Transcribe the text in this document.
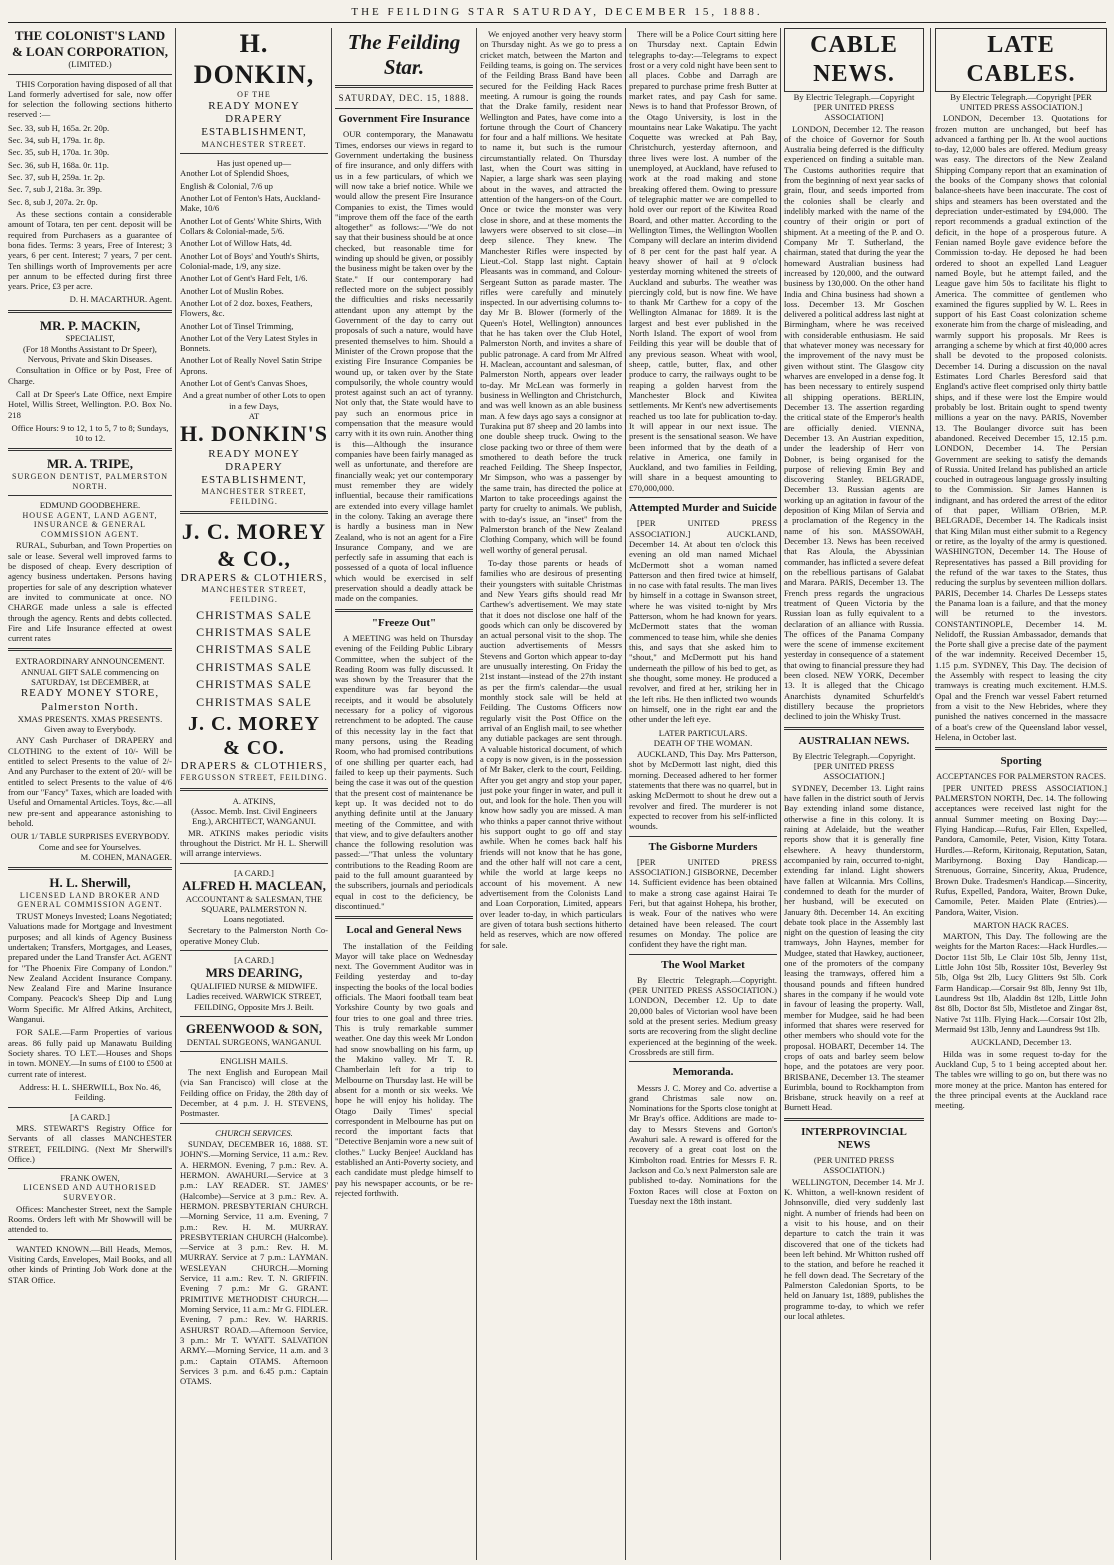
THE FEILDING STAR SATURDAY, DECEMBER 15, 1888.
THE COLONIST'S LAND & LOAN CORPORATION,
(LIMITED.)

THIS Corporation having disposed of all that Land formerly advertised for sale, now offer for selection the following sections hitherto reserved :—

Sec. 33, sub H, 165a. 2r. 20p.
Sec. 34, sub H, 179a. 1r. 8p.
Sec. 35, sub H, 170a. 1r. 30p.
Sec. 36, sub H, 168a. 0r. 11p.
Sec. 37, sub H, 259a. 1r. 2p.
Sec. 7, sub J, 218a. 3r. 39p.
Sec. 8, sub J, 207a. 2r. 0p.

As these sections contain a considerable amount of Totara, ten per cent. deposit will be required from Purchasers as a guarantee of bona fides. Terms: 3 years, Free of Interest; 3 years, 6 per cent. Interest; 7 years, 7 per cent. Ten shillings worth of Improvements per acre per annum to be effected during first three years. Price, £3 per acre.

D. H. MACARTHUR. Agent.
MR. P. MACKIN,
SPECIALIST,
(For 18 Months Assistant to Dr Speer), Nervous, Private and Skin Diseases.

Consultation in Office or by Post, Free of Charge.

Call at Dr Speer's Late Office, next Empire Hotel, Willis Street, Wellington. P.O. Box No. 218

Office Hours: 9 to 12, 1 to 5, 7 to 8; Sundays, 10 to 12.
MR. A. TRIPE,
SURGEON DENTIST, PALMERSTON NORTH.
EDMUND GOODBEHERE.
HOUSE AGENT, LAND AGENT, INSURANCE & GENERAL COMMISSION AGENT.

RURAL, Suburban, and Town Properties on sale or lease. Several well improved farms to be disposed of cheap. Every description of agency business undertaken. Persons having properties for sale of any description whatever are invited to communicate at once. NO CHARGE made unless a sale is effected through the agency. Rents and debts collected. Fire and Life Insurance effected at owest current rates

EXTRAORDINARY ANNOUNCEMENT.
ANNUAL GIFT SALE commencing on SATURDAY, 1st DECEMBER, at
READY MONEY STORE, Palmerston North.
XMAS PRESENTS. XMAS PRESENTS. Given away to Everybody.

ANY Cash Purchaser of DRAPERY and CLOTHING to the extent of 10/- Will be entitled to select Presents to the value of 2/- And any Purchaser to the extent of 20/- will be entitled to select Presents to the value of 4/6 from our "Fancy" Taxes, which are loaded with Useful and Ornamental Articles. Toys, &c.—all new pre-sent and appearance astonishing to behold.

OUR 1/ TABLE SURPRISES EVERYBODY.
Come and see for Yourselves.
M. COHEN, MANAGER.
H. L. Sherwill,
LICENSED LAND BROKER AND GENERAL COMMISSION AGENT.

TRUST Moneys Invested; Loans Negotiated; Valuations made for Mortgage and Investment purposes; and all kinds of Agency Business undertaken; Transfers, Mortgages, and Leases, prepared under the Land Transfer Act. AGENT for "The Phoenix Fire Company of London." New Zealand Accident Insurance Company. New Zealand Fire and Marine Insurance Company. Peacock's Sheep Dip and Lung Worm Specific. Mr Alfred Atkins, Architect, Wanganui.

FOR SALE.—Farm Properties of various areas. 86 fully paid up Manawatu Building Society shares. TO LET.—Houses and Shops in town. MONEY.—In sums of £100 to £500 at current rate of interest.

Address: H. L. SHERWILL, Box No. 46, Feilding.
[A CARD.]

MRS. STEWART'S Registry Office for Servants of all classes MANCHESTER STREET, FEILDING. (Next Mr Sherwill's Office.)

FRANK OWEN,
LICENSED AND AUTHORISED SURVEYOR.

Offices: Manchester Street, next the Sample Rooms. Orders left with Mr Showwill will be attended to.

WANTED KNOWN.—Bill Heads, Memos, Visiting Cards, Envelopes, Mail Books, and all other kinds of Printing Job Work done at the STAR Office.

H. DONKIN,
OF THE
READY MONEY DRAPERY ESTABLISHMENT,
MANCHESTER STREET.
Has just opened up—
Another Lot of Splendid Shoes,
English & Colonial, 7/6 up
Another Lot of Fenton's Hats, Auckland-Make, 10/6
Another Lot of Gents' White Shirts, With Collars & Colonial-made, 5/6.
Another Lot of Willow Hats, 4d.
Another Lot of Boys' and Youth's Shirts, Colonial-made, 1/9, any size.
Another Lot of Gent's Hard Felt, 1/6.
Another Lot of Muslin Robes.
Another Lot of 2 doz. boxes, Feathers, Flowers, &c.
Another Lot of Tinsel Trimming,
Another Lot of the Very Latest Styles in Bonnets.
Another Lot of Really Novel Satin Stripe Aprons.
Another Lot of Gent's Canvas Shoes,
And a great number of other Lots to open in a few Days,
AT
H. DONKIN'S
READY MONEY DRAPERY ESTABLISHMENT,
MANCHESTER STREET, FEILDING.
J. C. MOREY & CO.,
DRAPERS & CLOTHIERS,
MANCHESTER STREET, FEILDING.
CHRISTMAS SALE
CHRISTMAS SALE
CHRISTMAS SALE
CHRISTMAS SALE
CHRISTMAS SALE
CHRISTMAS SALE
J. C. MOREY & CO.
DRAPERS & CLOTHIERS,
FERGUSSON STREET, FEILDING.
A. ATKINS,
(Assoc. Memb. Inst. Civil Engineers Eng.), ARCHITECT, WANGANUI.

MR. ATKINS makes periodic visits throughout the District. Mr H. L. Sherwill will arrange interviews.

[A CARD.]
ALFRED H. MACLEAN,
ACCOUNTANT & SALESMAN, THE SQUARE, PALMERSTON N.
Loans negotiated.

Secretary to the Palmerston North Co-operative Money Club.

[A CARD.]
MRS DEARING,
QUALIFIED NURSE & MIDWIFE. Ladies received. WARWICK STREET, FEILDING, Opposite Mrs J. Beilt.
GREENWOOD & SON,
DENTAL SURGEONS, WANGANUI.
ENGLISH MAILS.

The next English and European Mail (via San Francisco) will close at the Feilding office on Friday, the 28th day of December, at 4 p.m. J. H. STEVENS, Postmaster.

CHURCH SERVICES.

SUNDAY, DECEMBER 16, 1888. ST. JOHN'S.—Morning Service, 11 a.m.: Rev. A. HERMON. Evening, 7 p.m.: Rev. A. HERMON. AWAHURI.—Service at 3 p.m.: LAY READER. ST. JAMES' (Halcombe)—Service at 3 p.m.: Rev. A. HERMON. PRESBYTERIAN CHURCH.—Morning Service, 11 a.m. Evening, 7 p.m.: Rev. H. M. MURRAY. PRESBYTERIAN CHURCH (Halcombe).—Service at 3 p.m.: Rev. H. M. MURRAY. Service at 7 p.m.: LAYMAN. WESLEYAN CHURCH.—Morning Service, 11 a.m.: Rev. T. N. GRIFFIN. Evening 7 p.m.: Mr G. GRANT. PRIMITIVE METHODIST CHURCH.—Morning Service, 11 a.m.: Mr G. FIDLER. Evening, 7 p.m.: Rev. W. HARRIS. ASHURST ROAD.—Afternoon Service, 3 p.m.: Mr T. WYATT. SALVATION ARMY.—Morning Service, 11 a.m. and 3 p.m.: Captain OTAMS. Afternoon Services 3 p.m. and 6.45 p.m.: Captain OTAMS.

The Feilding Star.
SATURDAY, DEC. 15, 1888.
Government Fire Insurance

OUR contemporary, the Manawatu Times, endorses our views in regard to Government undertaking the business of fire insurance, and only differs with us in a few particulars, of which we will now take a brief notice. While we would allow the present Fire Insurance Companies to exist, the Times would "improve them off the face of the earth altogether" as follows:—"We do not say that their business should be at once checked, but reasonable time for winding up should be given, or possibly the business might be taken over by the State." If our contemporary had reflected more on the subject possibly the difficulties and risks necessarily attendant upon any attempt by the Government of the day to carry out proposals of such a nature, would have presented themselves to him. Should a Minister of the Crown propose that the existing Fire Insurance Companies be wound up, or taken over by the State compulsorily, the whole country would protest against such an act of tyranny. Not only that, the State would have to pay such an enormous price in compensation that the measure would carry with it its own ruin. Another thing is this—Although the insurance companies have been fairly managed as well as unfortunate, and therefore are financially weak; yet our contemporary must remember they are widely influential, because their ramifications are extended into every village hamlet in the colony. Taking an average there is hardly a business man in New Zealand, who is not an agent for a Fire Insurance Company, and we are perfectly safe in assuming that each is possessed of a quota of local influence which would be exercised in self preservation should a deadly attack be made on the companies.

"Freeze Out"

A MEETING was held on Thursday evening of the Feilding Public Library Committee, when the subject of the Reading Room was fully discussed. It was shown by the Treasurer that the expenditure was far beyond the receipts, and it would be absolutely necessary for a policy of vigorous retrenchment to be adopted. The cause of this necessity lay in the fact that many persons, using the Reading Room, who had promised contributions of one shilling per quarter each, had failed to keep up their payments. Such being the case it was out of the question that the present cost of maintenance be kept up. It was decided not to do anything definite until at the January meeting of the Committee, and with that view, and to give defaulters another chance the following resolution was passed:—"That unless the voluntary contributions to the Reading Room are paid to the full amount guaranteed by the subscribers, journals and periodicals equal in cost to the deficiency, be discontinued."

Local and General News

The installation of the Feilding Mayor will take place on Wednesday next. The Government Auditor was in Feilding yesterday and to-day inspecting the books of the local bodies officials. The Maori football team beat Yorkshire County by two goals and four tries to one goal and three tries. This is truly remarkable summer weather. One day this week Mr London had snow snowballing on his farm, up the Makino valley. Mr T. R. Chamberlain left for a trip to Melbourne on Thursday last. He will be absent for a month or six weeks. We hope he will enjoy his holiday. The Otago Daily Times' special correspondent in Melbourne has put on record the important facts that "Detective Benjamin wore a new suit of clothes." Lucky Benjee! Auckland has established an Anti-Poverty society, and each candidate must pledge himself to pay his newspaper accounts, or be re-rejected forthwith.

We enjoyed another very heavy storm on Thursday night. As we go to press a cricket match, between the Marton and Feilding teams, is going on. The services of the Feilding Brass Band have been secured for the Feilding Hack Races meeting. A rumour is going the rounds that the Drake family, resident near Wellington and Pates, have come into a fortune through the Court of Chancery for four and a half millions. We hesitate to name it, but such is the rumour circumstantially related. On Thursday last, when the Court was sitting in Napier, a large shark was seen playing about in the waves, and attracted the attention of the hangers-on of the Court. Once or twice the monster was very close in shore, and at these moments the lawyers were observed to sit close—in deep silence. They knew. The Manchester Rifles were inspected by Lieut.-Col. Stapp last night. Captain Pleasants was in command, and Colour-Sergeant Sutton as parade master. The rifles were carefully and minutely inspected. In our advertising columns to-day Mr B. Blower (formerly of the Queen's Hotel, Wellington) announces that he has taken over the Club Hotel, Palmerston North, and invites a share of public patronage. A card from Mr Alfred H. Maclean, accountant and salesman, of Palmerston North, appears over leader to-day. Mr McLean was formerly in business in Wellington and Christchurch, and was well known as an able business man. A few days ago says a consignor at Turakina put 87 sheep and 20 lambs into one double sheep truck. Owing to the close packing two or three of them were smothered to death before the truck reached Feilding. The Sheep Inspector, Mr Simpson, who was a passenger by the same train, has directed the police at Marton to take proceedings against the party for cruelty to animals. We publish, with to-day's issue, an "inset" from the Palmerston branch of the New Zealand Clothing Company, which will be found well worthy of general perusal.

To-day those parents or heads of families who are desirous of presenting their youngsters with suitable Christmas and New Years gifts should read Mr Carthew's advertisement. We may state that it does not disclose one half of the goods which can only be discovered by an actual personal visit to the shop. The auction advertisements of Messrs Stevens and Gorton which appear to-day are unusually interesting. On Friday the 21st instant—instead of the 27th instant as per the firm's calendar—the usual monthly stock sale will be held at Feilding. The Customs Officers now regularly visit the Post Office on the arrival of an English mail, to see whether any dutiable packages are sent through. A valuable historical document, of which a copy is now given, is in the possession of Mr Baker, clerk to the court, Feilding. After you get angry and stop your paper, just poke your finger in water, and pull it out, and look for the hole. Then you will know how sadly you are missed. A man who thinks a paper cannot thrive without his support ought to go off and stay awhile. When he comes back half his friends will not know that he has gone, and the other half will not care a cent, while the world at large keeps no account of his movement. A new advertisement from the Colonists Land and Loan Corporation, Limited, appears over leader to-day, in which particulars are given of totara bush sections hitherto held as reserves, which are now offered for sale.

There will be a Police Court sitting here on Thursday next. Captain Edwin telegraphs to-day:—Telegrams to expect frost or a very cold night have been sent to all places. Cobbe and Darragh are prepared to purchase prime fresh Butter at market rates, and pay Cash for same. News is to hand that Professor Brown, of the Otago University, is lost in the mountains near Lake Wakatipu. The yacht Coquette was wrecked at Pah Bay, Christchurch, yesterday afternoon, and three lives were lost. A number of the unemployed, at Auckland, have refused to work at the road making and stone breaking offered them. Owing to pressure of telegraphic matter we are compelled to hold over our report of the Kiwitea Road Board, and other matter. According to the Wellington Times, the Wellington Woollen Company will declare an interim dividend of 8 per cent for the past half year. A heavy shower of hail at 9 o'clock yesterday morning whitened the streets of Auckland and suburbs. The weather was piercingly cold, but is now fine. We have to thank Mr Carthew for a copy of the Wellington Almanac for 1889. It is the largest and best ever published in the North Island. The export of wool from Feilding this year will be double that of any previous season. Wheat with wool, sheep, cattle, butter, flax, and other produce to carry, the railways ought to be reaping a golden harvest from the Manchester Block and Kiwitea settlements. Mr Kent's new advertisements reached us too late for publication to-day. It will appear in our next issue. The present is the sensational season. We have been informed that by the death of a relative in America, one family in Auckland, and two families in Feilding, will share in a bequest amounting to £70,000,000.

Attempted Murder and Suicide

[PER UNITED PRESS ASSOCIATION.] AUCKLAND, December 14. At about ten o'clock this evening an old man named Michael McDermott shot a woman named Patterson and then fired twice at himself, in no case with fatal results. The man lives by himself in a cottage in Swanson street, where he was visited to-night by Mrs Patterson, whom he had known for years. McDermott states that the woman commenced to tease him, while she denies this, and says that she asked him to "shout," and McDermott put his hand underneath the pillow of his bed to get, as she thought, some money. He produced a revolver, and fired at her, striking her in the left ribs. He then inflicted two wounds on himself, one in the right ear and the other under the left eye.

LATER PARTICULARS.
DEATH OF THE WOMAN.

AUCKLAND, This Day. Mrs Patterson, shot by McDermott last night, died this morning. Deceased adhered to her former statements that there was no quarrel, but in asking McDermott to shout he drew out a revolver and fired. The murderer is not expected to recover from his self-inflicted wounds.

The Gisborne Murders

[PER UNITED PRESS ASSOCIATION.] GISBORNE, December 14. Sufficient evidence has been obtained to make a strong case against Hairai Te Feri, but that against Hohepa, his brother, is weak. Four of the natives who were detained have been released. The court resumes on Monday. The police are confident they have the right man.

The Wool Market

By Electric Telegraph.—Copyright. (PER UNITED PRESS ASSOCIATION.) LONDON, December 12. Up to date 20,000 bales of Victorian wool have been sold at the present series. Medium greasy sorts are recovering from the slight decline experienced at the beginning of the week. Crossbreds are still firm.

Memoranda.

Messrs J. C. Morey and Co. advertise a grand Christmas sale now on. Nominations for the Sports close tonight at Mr Bray's office. Additions are made to-day to Messrs Stevens and Gorton's Awahuri sale. A reward is offered for the recovery of a great coat lost on the Kimbolton road. Entries for Messrs F. R. Jackson and Co.'s next Palmerston sale are published to-day. Nominations for the Foxton Races will close at Foxton on Tuesday next the 18th instant.

CABLE NEWS.
By Electric Telegraph.—Copyright [PER UNITED PRESS ASSOCIATION]

LONDON, December 12. The reason of the choice of Governor for South Australia being deferred is the difficulty experienced on finding a suitable man. The Customs authorities require that from the beginning of next year sacks of grain, flour, and seeds imported from the colonies shall be clearly and indelibly marked with the name of the country of their origin or port of shipment. At a meeting of the P. and O. Company Mr T. Sutherland, the chairman, stated that during the year the homeward Australian business had increased by 120,000, and the outward business by 130,000. On the other hand India and China business had shown a loss. December 13. Mr Goschen delivered a political address last night at Birmingham, where he was received with considerable enthusiasm. He said that whatever money was necessary for the improvement of the navy must be given without stint. The Glasgow city wharves are enveloped in a dense fog. It has been necessary to entirely suspend all shipping operations. BERLIN, December 13. The assertion regarding the critical state of the Emperor's health are officially denied. VIENNA, December 13. An Austrian expedition, under the leadership of Herr von Dobner, is being organised for the purpose of relieving Emin Bey and discovering Stanley. BELGRADE, December 13. Russian agents are working up an agitation in favour of the deposition of King Milan of Servia and a proclamation of the Regency in the name of his son. MASSOWAH, December 13. News has been received that Ras Aloula, the Abyssinian commander, has inflicted a severe defeat on the rebellious partisans of Galabat and Marara. PARIS, December 13. The French press regards the ungracious treatment of Queen Victoria by the Russian loan as fully equivalent to a declaration of an alliance with Russia. The offices of the Panama Company were the scene of immense excitement yesterday in consequence of a statement that owing to financial pressure they had been closed. NEW YORK, December 13. It is alleged that the Chicago Anarchists dynamited Schurfeldt's distillery because the proprietors declined to join the Whisky Trust.

AUSTRALIAN NEWS.
By Electric Telegraph.—Copyright. [PER UNITED PRESS ASSOCIATION.]

SYDNEY, December 13. Light rains have fallen in the district south of Jervis Bay extending inland some distance, otherwise a fine in this colony. It is raining at Adelaide, but the weather reports show that it is generally fine elsewhere. A heavy thunderstorm, accompanied by rain, occurred to-night, extending far inland. Light showers have fallen at Wilcannia. Mrs Collins, condemned to death for the murder of her husband, will be executed on January 8th. December 14. An exciting debate took place in the Assembly last night on the question of leasing the city tramways, John Haynes, member for Mudgee, stated that Hawkey, auctioneer, one of the promoters of the company leasing the tramways, offered him a thousand pounds and fifteen hundred shares in the company if he would vote in favour of leasing the property. Wall, member for Mudgee, said he had been informed that shares were reserved for other members who should vote for the proposal. HOBART, December 14. The crops of oats and barley seem below hope, and the potatoes are very poor. BRISBANE, December 13. The steamer Eurimbla, bound to Rockhampton from Brisbane, struck heavily on a reef at Burnett Head.

INTERPROVINCIAL NEWS
(PER UNITED PRESS ASSOCIATION.)

WELLINGTON, December 14. Mr J. K. Whitton, a well-known resident of Johnsonville, died very suddenly last night. A number of friends had been on a visit to his house, and on their departure to catch the train it was discovered that one of the tickets had been left behind. Mr Whitton rushed off to the station, and before he reached it he fell down dead. The Secretary of the Palmerston Caledonian Sports, to be held on January 1st, 1889, publishes the programme to-day, to which we refer our local athletes.

LATE CABLES.
By Electric Telegraph.—Copyright [PER UNITED PRESS ASSOCIATION.]

LONDON, December 13. Quotations for frozen mutton are unchanged, but beef has advanced a farthing per lb. At the wool auctions to-day, 12,000 bales are offered. Medium greasy was easy. The directors of the New Zealand Shipping Company report that an examination of the books of the Company shows that colonial balance-sheets have been inaccurate. The cost of ships and steamers has been overstated and the depreciation under-estimated by £94,000. The report recommends a gradual extinction of the deficit, in the hope of a prosperous future. A Fenian named Boyle gave evidence before the Commission to-day. He deposed he had been ordered to shoot an expelled Land Leaguer named Boyle, but he attempt failed, and the League gave him 50s to facilitate his flight to America. The committee of gentlemen who examined the figures supplied by W. L. Rees in support of his East Coast colonization scheme exonerate him from the charge of misleading, and warmly support his proposals. Mr Rees is arranging a scheme by which at first 40,000 acres shall be devoted to the proposed colonists. December 14. During a discussion on the naval Estimates Lord Charles Beresford said that England's active fleet comprised only thirty battle ships, and if these were lost the Empire would probably be lost. Britain ought to spend twenty millions a year on the navy. PARIS, November 13. The Boulanger divorce suit has been abandoned. Received December 15, 12.15 p.m. LONDON, December 14. The Persian Government are seeking to satisfy the demands of Russia. United Ireland has published an article couched in outrageous language grossly insulting to the Commission. Sir James Hannen is indignant, and has ordered the arrest of the editor of that paper, William O'Brien, M.P. BELGRADE, December 14. The Radicals insist that King Milan must either submit to a Regency or retire, as the loyalty of the army is questioned. WASHINGTON, December 14. The House of Representatives has passed a Bill providing for the refund of the war taxes to the States, thus reducing the surplus by seventeen million dollars. PARIS, December 14. Charles De Lesseps states the Panama loan is a failure, and that the money will be returned to the investors. CONSTANTINOPLE, December 14. M. Nelidoff, the Russian Ambassador, demands that the Porte shall give a precise date of the payment of the war indemnity. Received December 15, 1.15 p.m. SYDNEY, This Day. The decision of the Assembly with respect to leasing the city tramways is creating much excitement. H.M.S. Opal and the French war vessel Fabert returned from a visit to the New Hebrides, where they punished the natives concerned in the massacre of a boat's crew of the Queensland labor vessel, Helena, in October last.

Sporting
ACCEPTANCES FOR PALMERSTON RACES.

[PER UNITED PRESS ASSOCIATION.] PALMERSTON NORTH, Dec. 14. The following acceptances were received last night for the annual Summer meeting on Boxing Day:—Flying Handicap.—Rufus, Fair Ellen, Expelled, Pandora, Camomile, Peter, Vision, Kitty Totara. Hurdles.—Reform, Kiritonaig, Reputation, Satan, Maribyrnong. Boxing Day Handicap.—Strenuous, Gorraine, Sincerity, Akua, Prudence, Brown Duke. Tradesmen's Handicap.—Sincerity, Rufus, Expelled, Pandora, Waiter, Brown Duke, Camomile, Peter. Maiden Plate (Entries).—Pandora, Waiter, Vision.

MARTON HACK RACES.

MARTON, This Day. The following are the weights for the Marton Races:—Hack Hurdles.—Doctor 11st 5lb, Le Clair 10st 5lb, Jenny 11st, Little John 10st 5lb, Rossiter 10st, Beverley 9st 5lb, Olga 9st 2lb, Lucy Glitters 9st 5lb. Cork Farm Handicap.—Corsair 9st 8lb, Jenny 9st 1lb, Laundress 9st 1lb, Aladdin 8st 12lb, Little John 8st 8lb, Doctor 8st 5lb, Mistletoe and Zingar 8st, Native 7st 11lb. Flying Hack.—Corsair 10st 2lb, Mermaid 9st 13lb, Jenny and Laundress 9st 1lb.

AUCKLAND, December 13.

Hilda was in some request to-day for the Auckland Cup, 5 to 1 being accepted about her. The tables wre willing to go on, but there was no more money at the price. Manton has entered for the three principal events at the Auckland race meeting.
